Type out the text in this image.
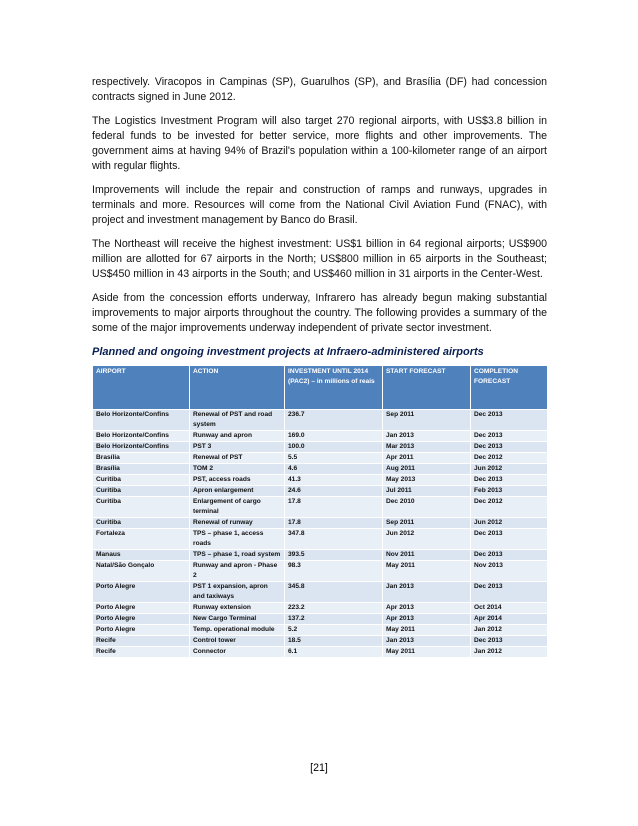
respectively. Viracopos in Campinas (SP), Guarulhos (SP), and Brasília (DF) had concession contracts signed in June 2012.

The Logistics Investment Program will also target 270 regional airports, with US$3.8 billion in federal funds to be invested for better service, more flights and other improvements. The government aims at having 94% of Brazil's population within a 100-kilometer range of an airport with regular flights.

Improvements will include the repair and construction of ramps and runways, upgrades in terminals and more. Resources will come from the National Civil Aviation Fund (FNAC), with project and investment management by Banco do Brasil.

The Northeast will receive the highest investment: US$1 billion in 64 regional airports; US$900 million are allotted for 67 airports in the North; US$800 million in 65 airports in the Southeast; US$450 million in 43 airports in the South; and US$460 million in 31 airports in the Center-West.

Aside from the concession efforts underway, Infrarero has already begun making substantial improvements to major airports throughout the country. The following provides a summary of the some of the major improvements underway independent of private sector investment.

Planned and ongoing investment projects at Infraero-administered airports

AIRPORT	ACTION	INVESTMENT UNTIL 2014 (PAC2) – in millions of reais	START FORECAST	COMPLETION FORECAST
Belo Horizonte/Confins	Renewal of PST and road system	236.7	Sep 2011	Dec 2013
Belo Horizonte/Confins	Runway and apron	169.0	Jan 2013	Dec 2013
Belo Horizonte/Confins	PST 3	100.0	Mar 2013	Dec 2013
Brasília	Renewal of PST	5.5	Apr 2011	Dec 2012
Brasília	TOM 2	4.6	Aug 2011	Jun 2012
Curitiba	PST, access roads	41.3	May 2013	Dec 2013
Curitiba	Apron enlargement	24.6	Jul 2011	Feb 2013
Curitiba	Enlargement of cargo terminal	17.8	Dec 2010	Dec 2012
Curitiba	Renewal of runway	17.8	Sep 2011	Jun 2012
Fortaleza	TPS – phase 1, access roads	347.8	Jun 2012	Dec 2013
Manaus	TPS – phase 1, road system	393.5	Nov 2011	Dec 2013
Natal/São Gonçalo	Runway and apron - Phase 2	98.3	May 2011	Nov 2013
Porto Alegre	PST 1 expansion, apron and taxiways	345.8	Jan 2013	Dec 2013
Porto Alegre	Runway extension	223.2	Apr 2013	Oct 2014
Porto Alegre	New Cargo Terminal	137.2	Apr 2013	Apr 2014
Porto Alegre	Temp. operational module	5.2	May 2011	Jan 2012
Recife	Control tower	18.5	Jan 2013	Dec 2013
Recife	Connector	6.1	May 2011	Jan 2012
[21]
